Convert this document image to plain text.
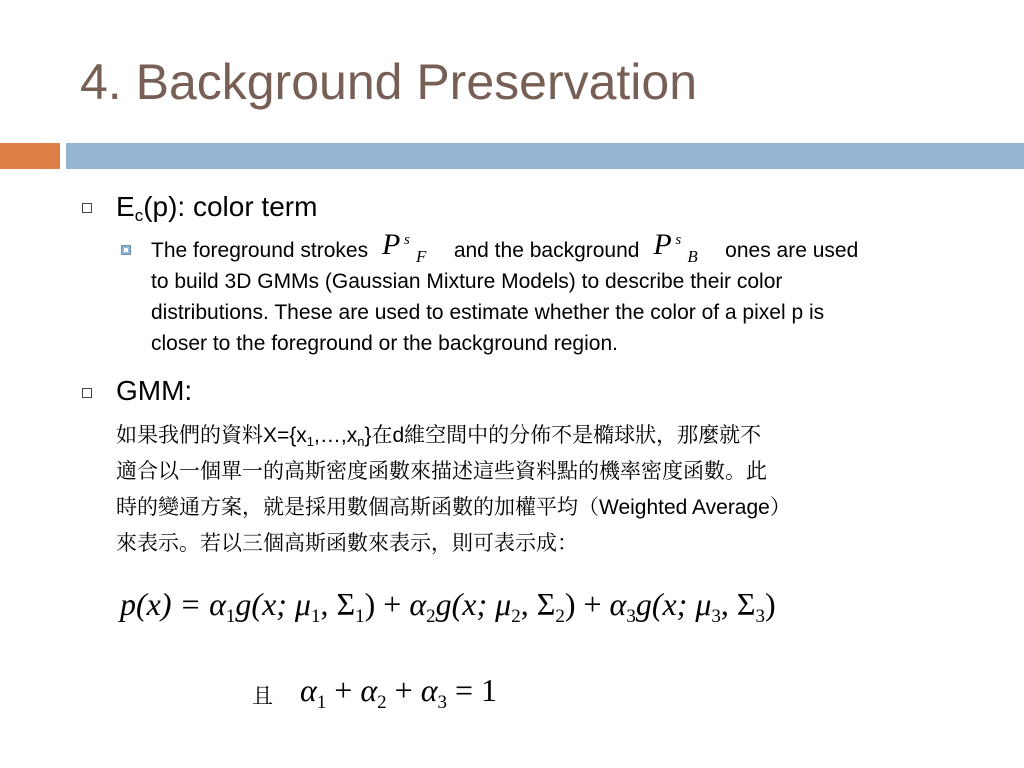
4. Background Preservation
$E_c(p)$: color term
The foreground strokes P s
F and the background P s
B ones are used
to build 3D GMMs (Gaussian Mixture Models) to describe their color
distributions. These are used to estimate whether the color of a pixel p is
closer to the foreground or the background region.
GMM:
如果我們的資料$X=\{x_1,\dots,x_n\}$在d維空間中的分佈不是橢球狀，那麼就不
適合以一個單一的高斯密度函數來描述這些資料點的機率密度函數。此
時的變通方案，就是採用數個高斯函數的加權平均（Weighted Average）
來表示。若以三個高斯函數來表示，則可表示成：
$p(x) = \alpha_1g(x$; $\mu_1$, $\Sigma_1) + \alpha_2g(x$; $\mu_2$, $\Sigma_2) + \alpha_3g(x$; $\mu_3$, $\Sigma_3$)
且 $\alpha_1 + \alpha_2 + \alpha_3 = 1$
